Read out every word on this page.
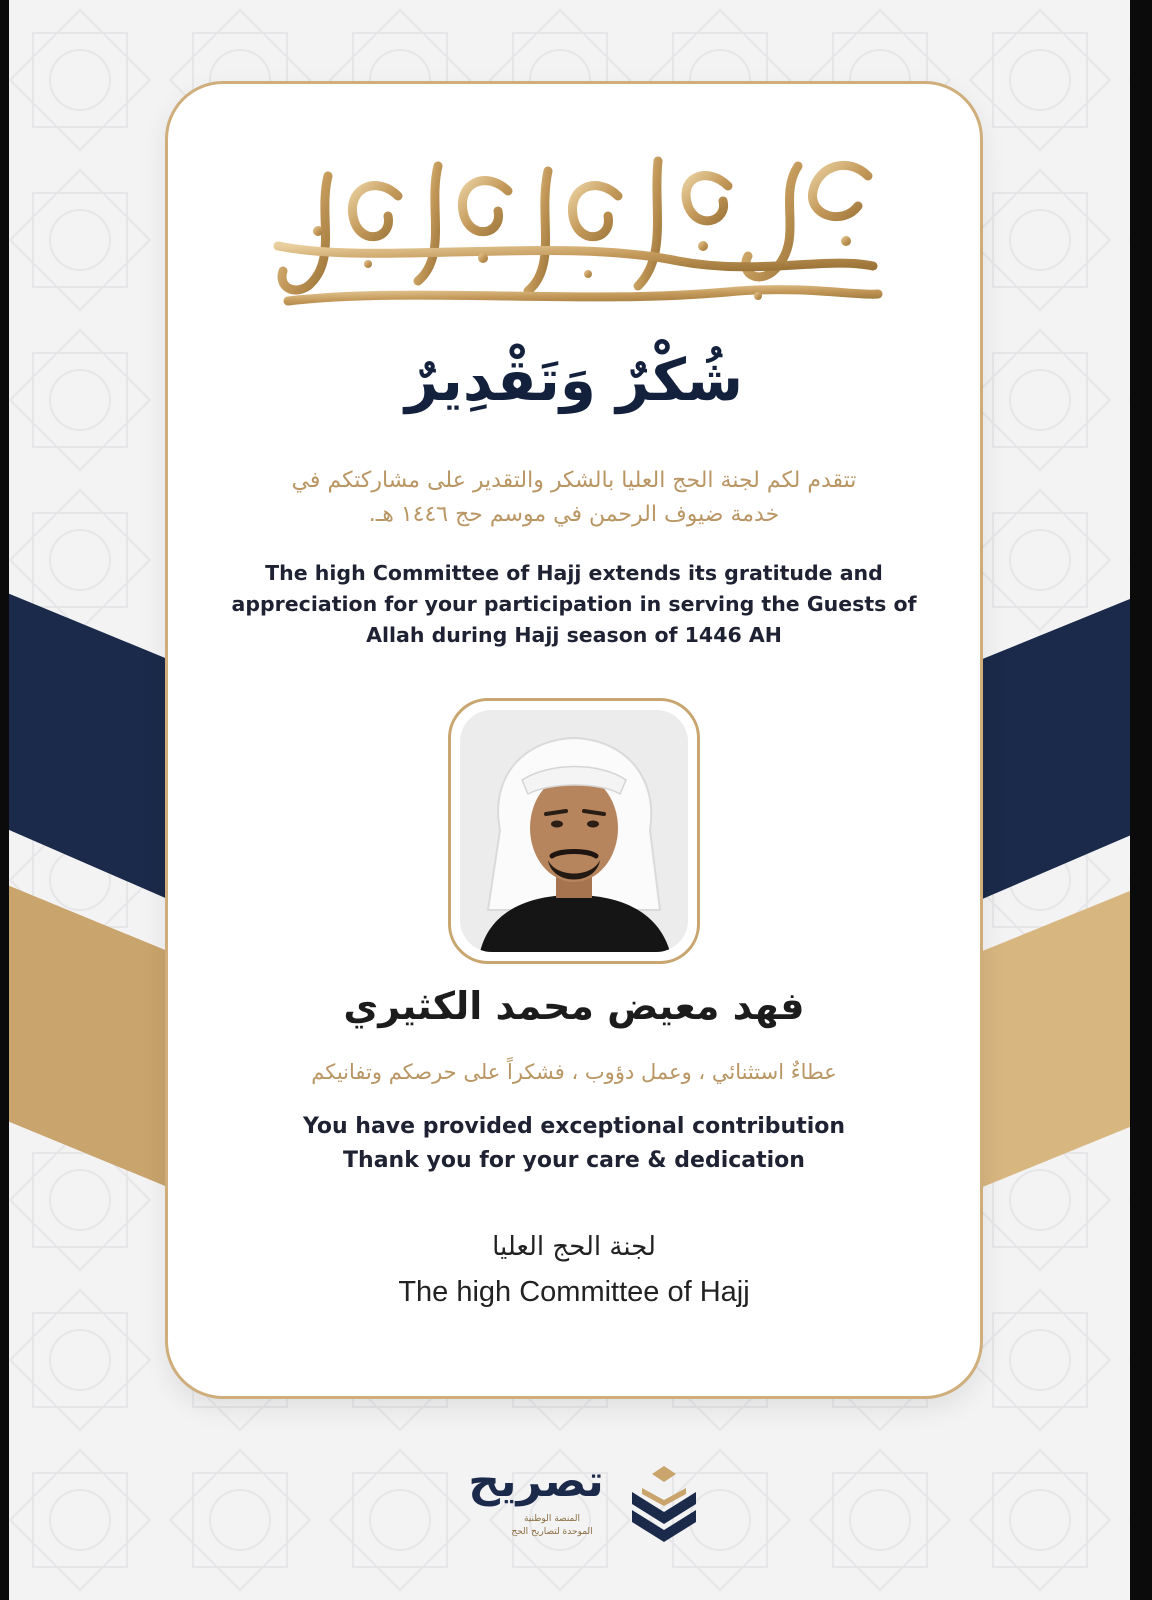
شُكْرٌ وَتَقْدِيرٌ
تتقدم لكم لجنة الحج العليا بالشكر والتقدير على مشاركتكم في
خدمة ضيوف الرحمن في موسم حج ١٤٤٦ هـ.
The high Committee of Hajj extends its gratitude and
appreciation for your participation in serving the Guests of
Allah during Hajj season of 1446 AH
فهد معيض محمد الكثيري
عطاءٌ استثنائي ، وعمل دؤوب ، فشكراً على حرصكم وتفانيكم
You have provided exceptional contribution
Thank you for your care & dedication
لجنة الحج العليا
The high Committee of Hajj
تصريح
المنصة الوطنية
الموحدة لتصاريح الحج
